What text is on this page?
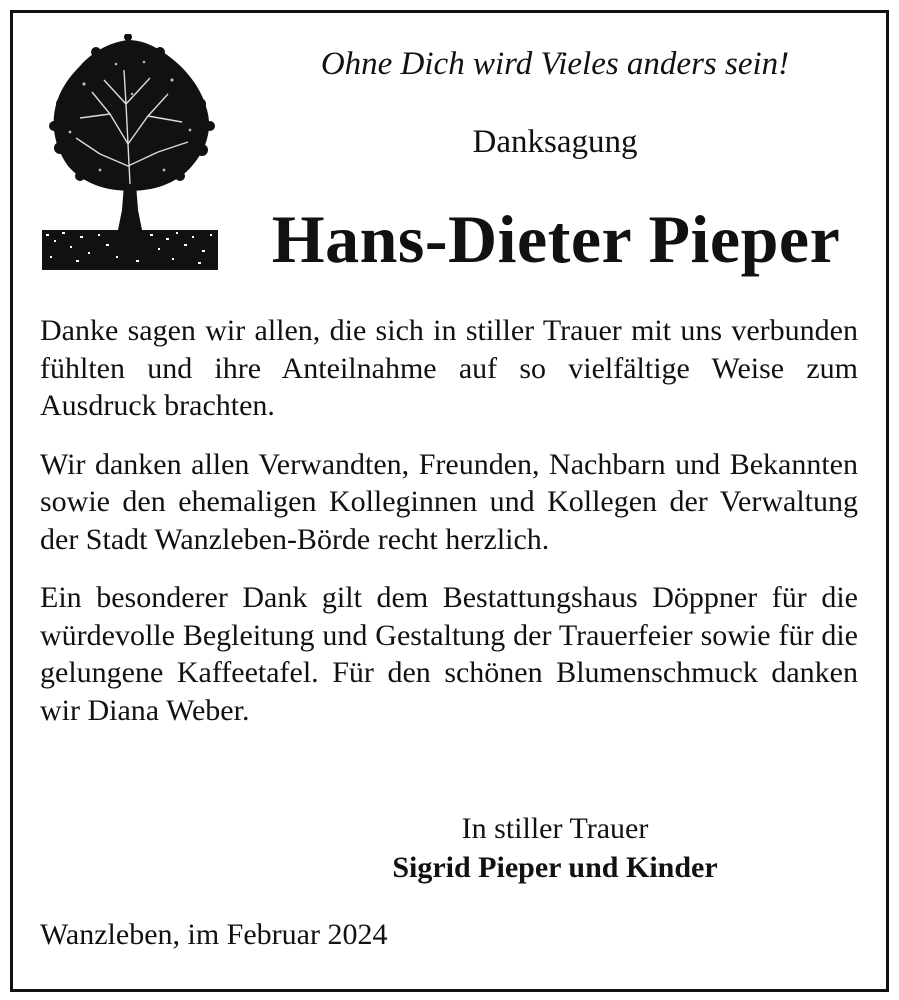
Ohne Dich wird Vieles anders sein!
Danksagung
Hans-Dieter Pieper

Danke sagen wir allen, die sich in stiller Trauer mit uns verbunden fühlten und ihre Anteilnahme auf so vielfältige Weise zum Ausdruck brachten.

Wir danken allen Verwandten, Freunden, Nachbarn und Bekannten sowie den ehemaligen Kolleginnen und Kollegen der Verwaltung der Stadt Wanzleben-Börde recht herzlich.

Ein besonderer Dank gilt dem Bestattungshaus Döppner für die würdevolle Begleitung und Gestaltung der Trauerfeier sowie für die gelungene Kaffeetafel. Für den schönen Blumenschmuck danken wir Diana Weber.

In stiller Trauer
Sigrid Pieper und Kinder
Wanzleben, im Februar 2024
